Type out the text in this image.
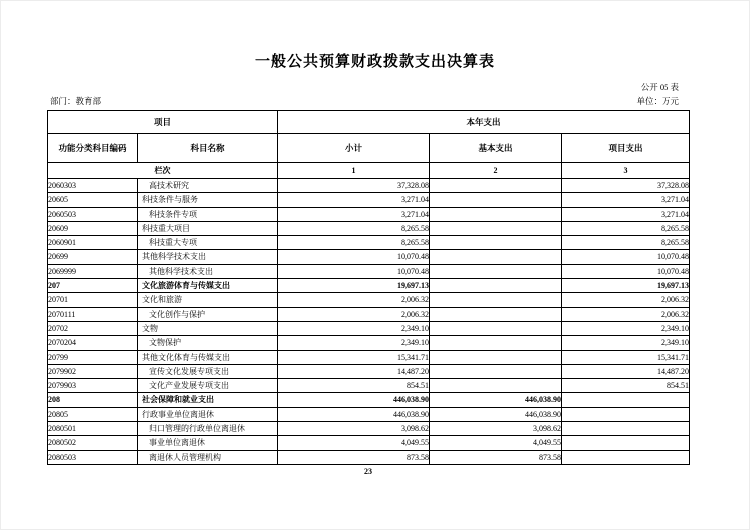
一般公共预算财政拨款支出决算表
公开 05 表
部门：教育部	单位：万元
项目		本年支出		
功能分类科目编码	科目名称	小计	基本支出	项目支出
栏次		1	2	3
2060303	高技术研究	37,328.08		37,328.08
20605	科技条件与服务	3,271.04		3,271.04
2060503	科技条件专项	3,271.04		3,271.04
20609	科技重大项目	8,265.58		8,265.58
2060901	科技重大专项	8,265.58		8,265.58
20699	其他科学技术支出	10,070.48		10,070.48
2069999	其他科学技术支出	10,070.48		10,070.48
207	文化旅游体育与传媒支出	19,697.13		19,697.13
20701	文化和旅游	2,006.32		2,006.32
2070111	文化创作与保护	2,006.32		2,006.32
20702	文物	2,349.10		2,349.10
2070204	文物保护	2,349.10		2,349.10
20799	其他文化体育与传媒支出	15,341.71		15,341.71
2079902	宣传文化发展专项支出	14,487.20		14,487.20
2079903	文化产业发展专项支出	854.51		854.51
208	社会保障和就业支出	446,038.90	446,038.90	
20805	行政事业单位离退休	446,038.90	446,038.90	
2080501	归口管理的行政单位离退休	3,098.62	3,098.62	
2080502	事业单位离退休	4,049.55	4,049.55	
2080503	离退休人员管理机构	873.58	873.58	
23
